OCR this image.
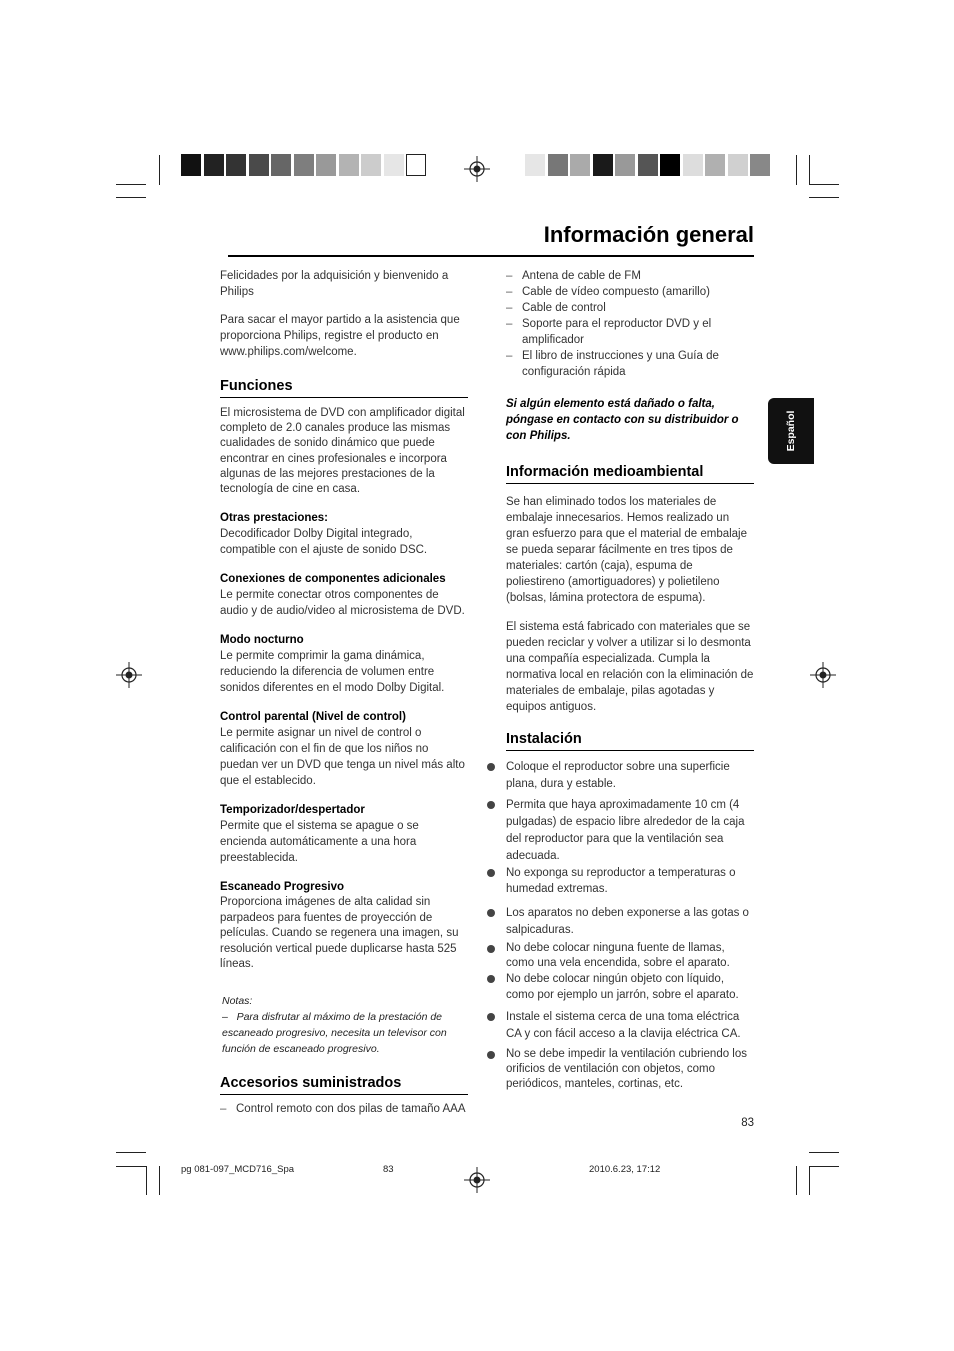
Información general
Español

Felicidades por la adquisición y bienvenido a Philips

Para sacar el mayor partido a la asistencia que proporciona Philips, registre el producto en www.philips.com/welcome.

Funciones

El microsistema de DVD con amplificador digital completo de 2.0 canales produce las mismas cualidades de sonido dinámico que puede encontrar en cines profesionales e incorpora algunas de las mejores prestaciones de la tecnología de cine en casa.

Otras prestaciones:

Decodificador Dolby Digital integrado, compatible con el ajuste de sonido DSC.

Conexiones de componentes adicionales

Le permite conectar otros componentes de audio y de audio/video al microsistema de DVD.

Modo nocturno

Le permite comprimir la gama dinámica, reduciendo la diferencia de volumen entre sonidos diferentes en el modo Dolby Digital.

Control parental (Nivel de control)

Le permite asignar un nivel de control o calificación con el fin de que los niños no puedan ver un DVD que tenga un nivel más alto que el establecido.

Temporizador/despertador

Permite que el sistema se apague o se encienda automáticamente a una hora preestablecida.

Escaneado Progresivo

Proporciona imágenes de alta calidad sin parpadeos para fuentes de proyección de películas. Cuando se regenera una imagen, su resolución vertical puede duplicarse hasta 525 líneas.

Notas:
–   Para disfrutar al máximo de la prestación de escaneado progresivo, necesita un televisor con función de escaneado progresivo.
Accesorios suministrados
– Control remoto con dos pilas de tamaño AAA
– Antena de cable de FM
– Cable de vídeo compuesto (amarillo)
– Cable de control
– Soporte para el reproductor DVD y el amplificador
– El libro de instrucciones y una Guía de configuración rápida

Si algún elemento está dañado o falta, póngase en contacto con su distribuidor o con Philips.

Información medioambiental

Se han eliminado todos los materiales de embalaje innecesarios. Hemos realizado un gran esfuerzo para que el material de embalaje se pueda separar fácilmente en tres tipos de materiales: cartón (caja), espuma de poliestireno (amortiguadores) y polietileno (bolsas, lámina protectora de espuma).

El sistema está fabricado con materiales que se pueden reciclar y volver a utilizar si lo desmonta una compañía especializada. Cumpla la normativa local en relación con la eliminación de materiales de embalaje, pilas agotadas y equipos antiguos.

Instalación
Coloque el reproductor sobre una superficie plana, dura y estable.
Permita que haya aproximadamente 10 cm (4 pulgadas) de espacio libre alrededor de la caja del reproductor para que la ventilación sea adecuada.
No exponga su reproductor a temperaturas o humedad extremas.
Los aparatos no deben exponerse a las gotas o salpicaduras.
No debe colocar ninguna fuente de llamas, como una vela encendida, sobre el aparato.
No debe colocar ningún objeto con líquido, como por ejemplo un jarrón, sobre el aparato.
Instale el sistema cerca de una toma eléctrica CA y con fácil acceso a la clavija eléctrica CA.
No se debe impedir la ventilación cubriendo los orificios de ventilación con objetos, como periódicos, manteles, cortinas, etc.
83
pg 081-097_MCD716_Spa	83	2010.6.23, 17:12
